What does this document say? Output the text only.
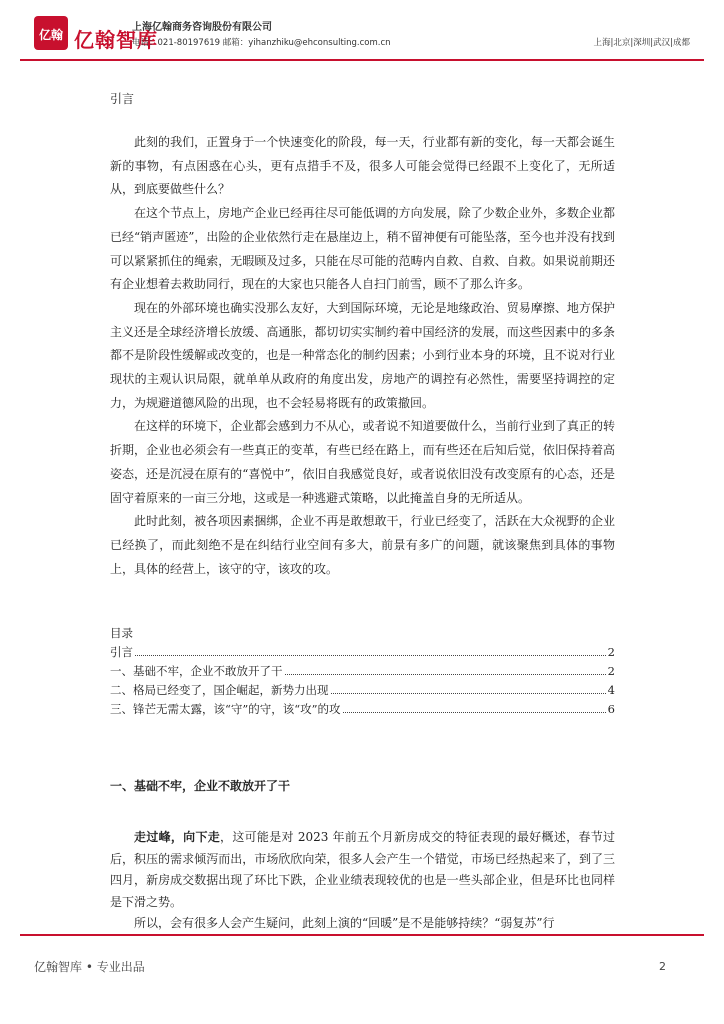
亿翰 亿翰智库
上海亿翰商务咨询股份有限公司
电话：021-80197619 邮箱：yihanzhiku@ehconsulting.com.cn	上海|北京|深圳|武汉|成都

引言

此刻的我们，正置身于一个快速变化的阶段，每一天，行业都有新的变化，每一天都会诞生新的事物，有点困惑在心头，更有点措手不及，很多人可能会觉得已经跟不上变化了，无所适从，到底要做些什么？

在这个节点上，房地产企业已经再往尽可能低调的方向发展，除了少数企业外，多数企业都已经“销声匿迹”，出险的企业依然行走在悬崖边上，稍不留神便有可能坠落，至今也并没有找到可以紧紧抓住的绳索，无暇顾及过多，只能在尽可能的范畴内自救、自救、自救。如果说前期还有企业想着去救助同行，现在的大家也只能各人自扫门前雪，顾不了那么许多。

现在的外部环境也确实没那么友好，大到国际环境，无论是地缘政治、贸易摩擦、地方保护主义还是全球经济增长放缓、高通胀，都切切实实制约着中国经济的发展，而这些因素中的多条都不是阶段性缓解或改变的，也是一种常态化的制约因素；小到行业本身的环境，且不说对行业现状的主观认识局限，就单单从政府的角度出发，房地产的调控有必然性，需要坚持调控的定力，为规避道德风险的出现，也不会轻易将既有的政策撤回。

在这样的环境下，企业都会感到力不从心，或者说不知道要做什么，当前行业到了真正的转折期，企业也必须会有一些真正的变革，有些已经在路上，而有些还在后知后觉，依旧保持着高姿态，还是沉浸在原有的“喜悦中”，依旧自我感觉良好，或者说依旧没有改变原有的心态，还是固守着原来的一亩三分地，这或是一种逃避式策略，以此掩盖自身的无所适从。

此时此刻，被各项因素捆绑，企业不再是敢想敢干，行业已经变了，活跃在大众视野的企业已经换了，而此刻绝不是在纠结行业空间有多大，前景有多广的问题，就该聚焦到具体的事物上，具体的经营上，该守的守，该攻的攻。

目录

引言	2
一、基础不牢，企业不敢放开了干	2
二、格局已经变了，国企崛起，新势力出现	4
三、锋芒无需太露，该“守”的守，该“攻”的攻	6
一、基础不牢，企业不敢放开了干

走过峰，向下走，这可能是对 2023 年前五个月新房成交的特征表现的最好概述，春节过后，积压的需求倾泻而出，市场欣欣向荣，很多人会产生一个错觉，市场已经热起来了，到了三四月，新房成交数据出现了环比下跌，企业业绩表现较优的也是一些头部企业，但是环比也同样是下滑之势。

所以，会有很多人会产生疑问，此刻上演的“回暖”是不是能够持续？“弱复苏”行

亿翰智库 • 专业出品	2
